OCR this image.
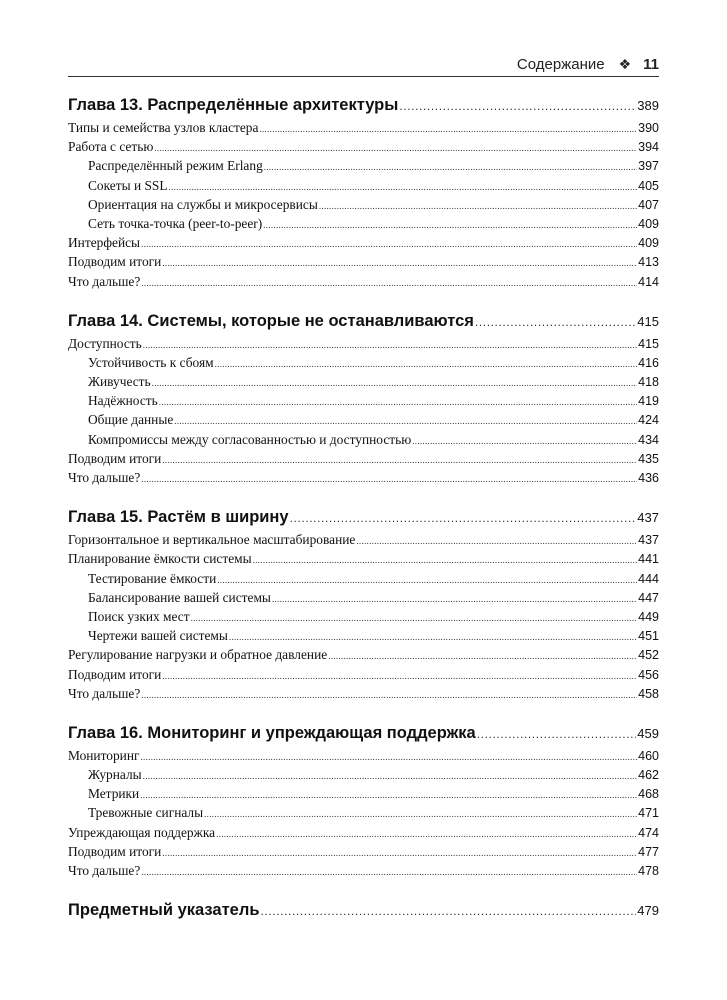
Содержание ❖ 11
Глава 13. Распределённые архитектуры .....	389
Типы и семейства узлов кластера .....	390
Работа с сетью .....	394
Распределённый режим Erlang .....	397
Сокеты и SSL .....	405
Ориентация на службы и микросервисы .....	407
Сеть точка-точка (peer-to-peer) .....	409
Интерфейсы .....	409
Подводим итоги .....	413
Что дальше? .....	414
Глава 14. Системы, которые не останавливаются .....	415
Доступность .....	415
Устойчивость к сбоям .....	416
Живучесть .....	418
Надёжность .....	419
Общие данные .....	424
Компромиссы между согласованностью и доступностью .....	434
Подводим итоги .....	435
Что дальше? .....	436
Глава 15. Растём в ширину .....	437
Горизонтальное и вертикальное масштабирование .....	437
Планирование ёмкости системы .....	441
Тестирование ёмкости .....	444
Балансирование вашей системы .....	447
Поиск узких мест .....	449
Чертежи вашей системы .....	451
Регулирование нагрузки и обратное давление .....	452
Подводим итоги .....	456
Что дальше? .....	458
Глава 16. Мониторинг и упреждающая поддержка .....	459
Мониторинг .....	460
Журналы .....	462
Метрики .....	468
Тревожные сигналы .....	471
Упреждающая поддержка .....	474
Подводим итоги .....	477
Что дальше? .....	478
Предметный указатель .....	479
